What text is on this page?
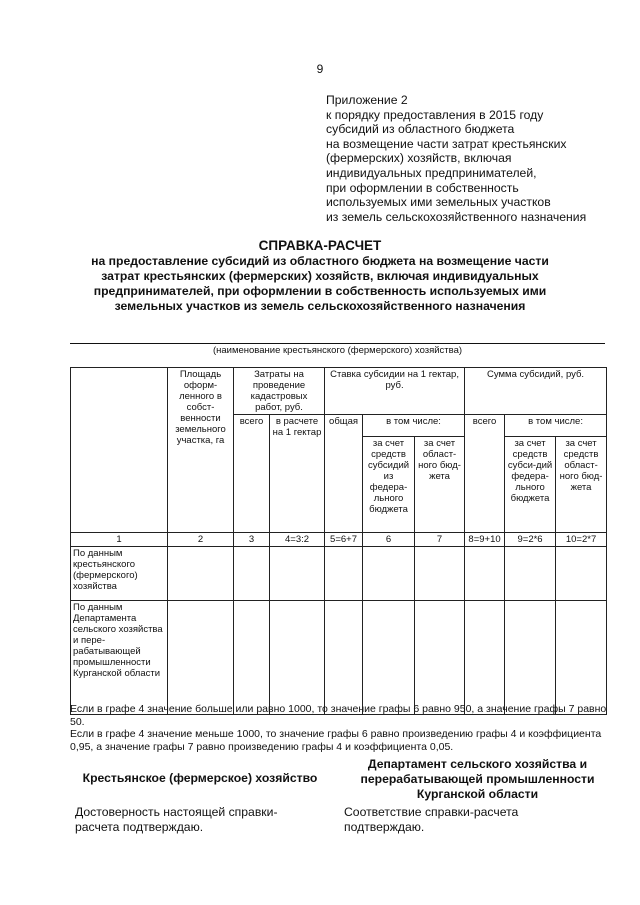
9
Приложение 2
к порядку предоставления в 2015 году
субсидий из областного бюджета
на возмещение части затрат крестьянских
(фермерских) хозяйств, включая
индивидуальных предпринимателей,
при оформлении в собственность
используемых ими земельных участков
из земель сельскохозяйственного назначения
СПРАВКА-РАСЧЕТ
на предоставление субсидий из областного бюджета на возмещение части
затрат крестьянских (фермерских) хозяйств, включая индивидуальных
предпринимателей, при оформлении в собственность используемых ими
земельных участков из земель сельскохозяйственного назначения
(наименование крестьянского (фермерского) хозяйства)
	Площадь оформ-ленного в собст-венности земельного участка, га	Затраты на проведение кадастровых работ, руб.		Ставка субсидии на 1 гектар, руб.			Сумма субсидий, руб.		
		всего	в расчете на 1 гектар	общая	в том числе:		всего	в том числе:	
					за счет средств субсидий из федера-льного бюджета	за счет област-ного бюд-жета		за счет средств субси-дий федера-льного бюджета	за счет средств област-ного бюд-жета
1	2	3	4=3:2	5=6+7	6	7	8=9+10	9=2*6	10=2*7
По данным крестьянского (фермерского) хозяйства									
По данным Департамента сельского хозяйства и пере-рабатывающей промышленности Курганской области									
Если в графе 4 значение больше или равно 1000, то значение графы 6 равно 950, а значение графы 7 равно 50.
Если в графе 4 значение меньше 1000, то значение графы 6 равно произведению графы 4 и коэффициента 0,95, а значение графы 7 равно произведению графы 4 и коэффициента 0,05.
Крестьянское (фермерское) хозяйство
Департамент сельского хозяйства и
перерабатывающей промышленности
Курганской области
Достоверность настоящей справки-
расчета подтверждаю.
Соответствие справки-расчета
подтверждаю.
